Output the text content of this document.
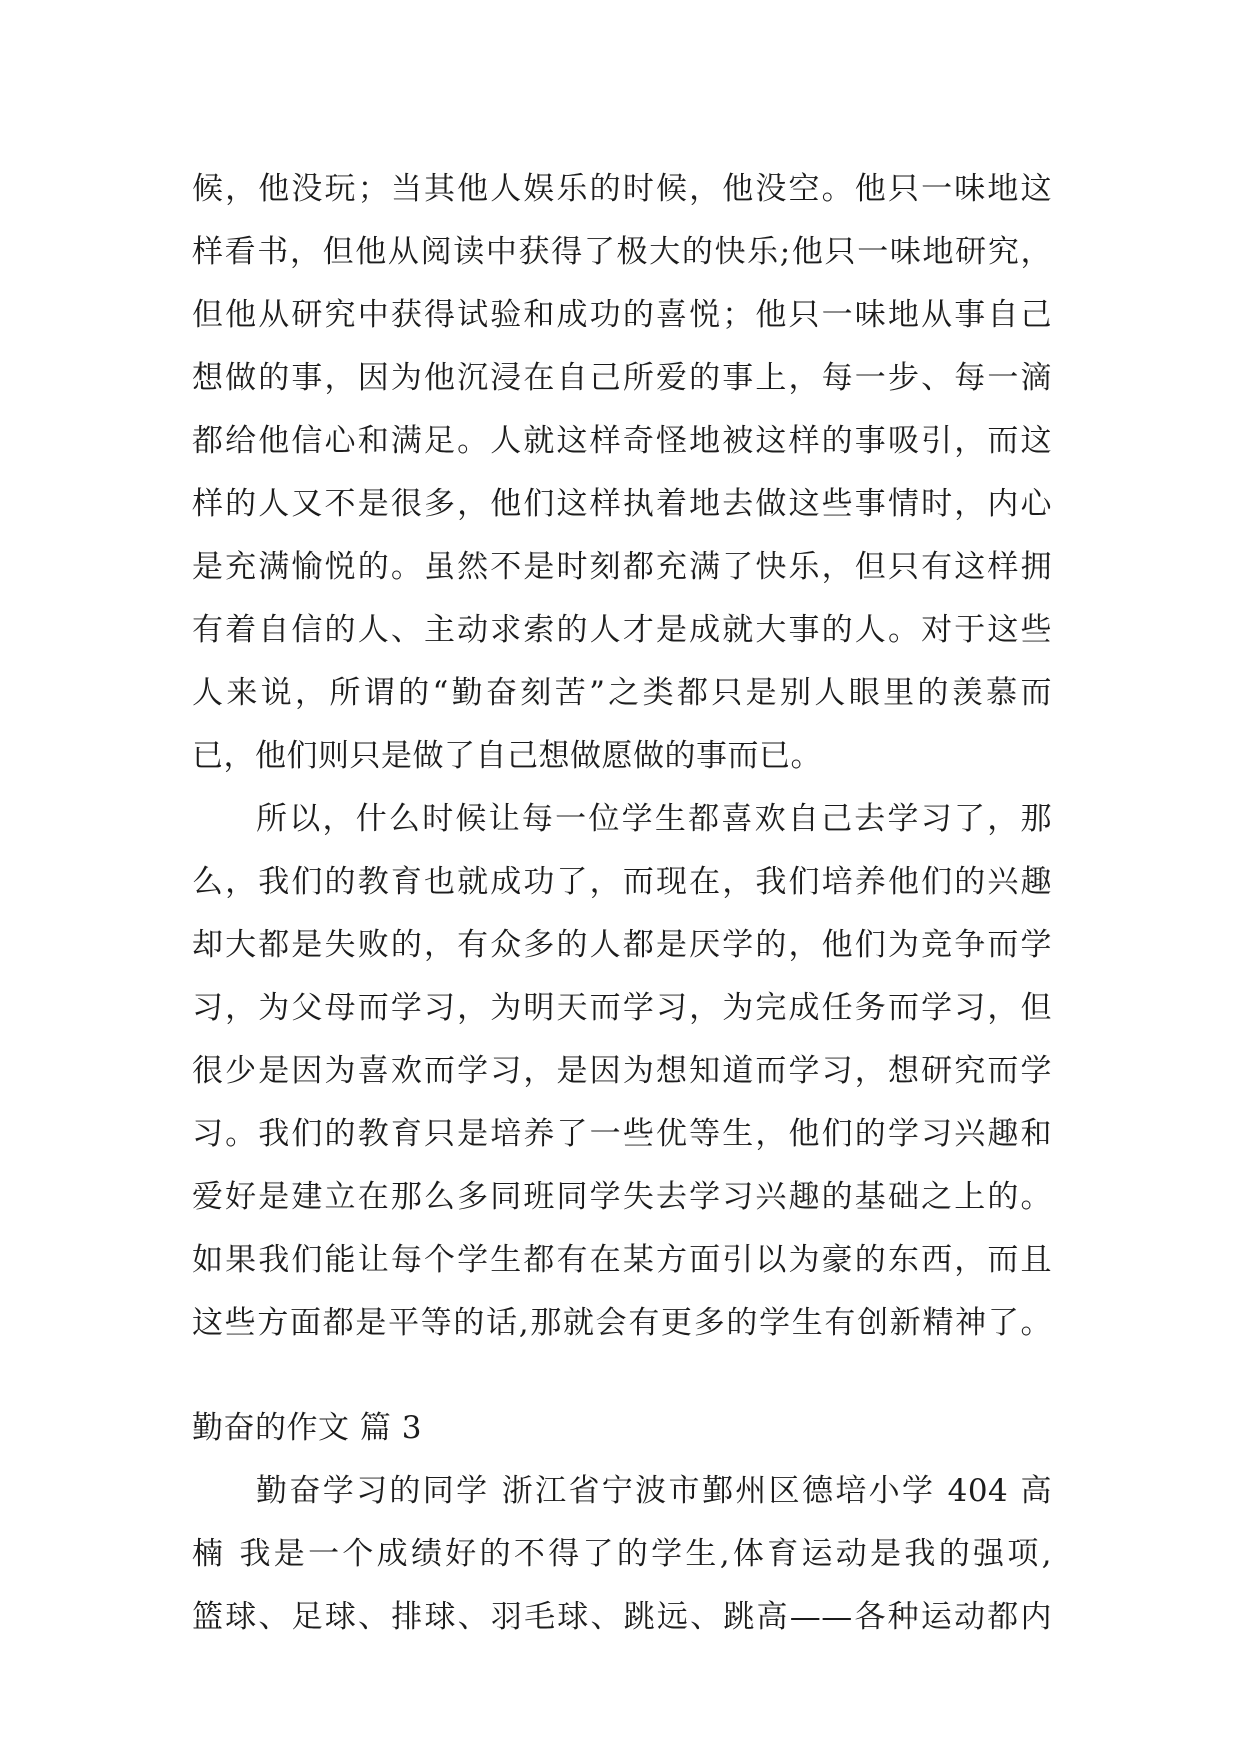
候，他没玩；当其他人娱乐的时候，他没空。他只一味地这
样看书，但他从阅读中获得了极大的快乐;他只一味地研究，
但他从研究中获得试验和成功的喜悦；他只一味地从事自己
想做的事，因为他沉浸在自己所爱的事上，每一步、每一滴
都给他信心和满足。人就这样奇怪地被这样的事吸引，而这
样的人又不是很多，他们这样执着地去做这些事情时，内心
是充满愉悦的。虽然不是时刻都充满了快乐，但只有这样拥
有着自信的人、主动求索的人才是成就大事的人。对于这些
人来说，所谓的“勤奋刻苦”之类都只是别人眼里的羡慕而
已，他们则只是做了自己想做愿做的事而已。
所以，什么时候让每一位学生都喜欢自己去学习了，那
么，我们的教育也就成功了，而现在，我们培养他们的兴趣
却大都是失败的，有众多的人都是厌学的，他们为竞争而学
习，为父母而学习，为明天而学习，为完成任务而学习，但
很少是因为喜欢而学习，是因为想知道而学习，想研究而学
习。我们的教育只是培养了一些优等生，他们的学习兴趣和
爱好是建立在那么多同班同学失去学习兴趣的基础之上的。
如果我们能让每个学生都有在某方面引以为豪的东西，而且
这些方面都是平等的话,那就会有更多的学生有创新精神了。
勤奋的作文 篇 3
勤奋学习的同学 浙江省宁波市鄞州区德培小学 404 高
楠 我是一个成绩好的不得了的学生,体育运动是我的强项,
篮球、足球、排球、羽毛球、跳远、跳高——各种运动都内
